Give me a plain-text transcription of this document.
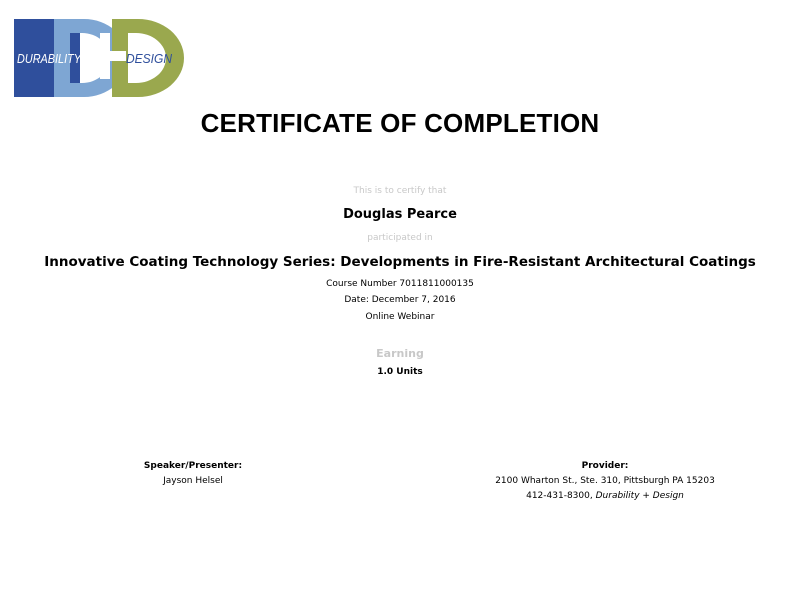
DURABILITY	DESIGN
CERTIFICATE OF COMPLETION
This is to certify that
Douglas Pearce
participated in
Innovative Coating Technology Series: Developments in Fire-Resistant Architectural Coatings
Course Number 7011811000135
Date: December 7, 2016
Online Webinar
Earning
1.0 Units
Speaker/Presenter:
Jayson Helsel
Provider:
2100 Wharton St., Ste. 310, Pittsburgh PA 15203
412-431-8300, Durability + Design
